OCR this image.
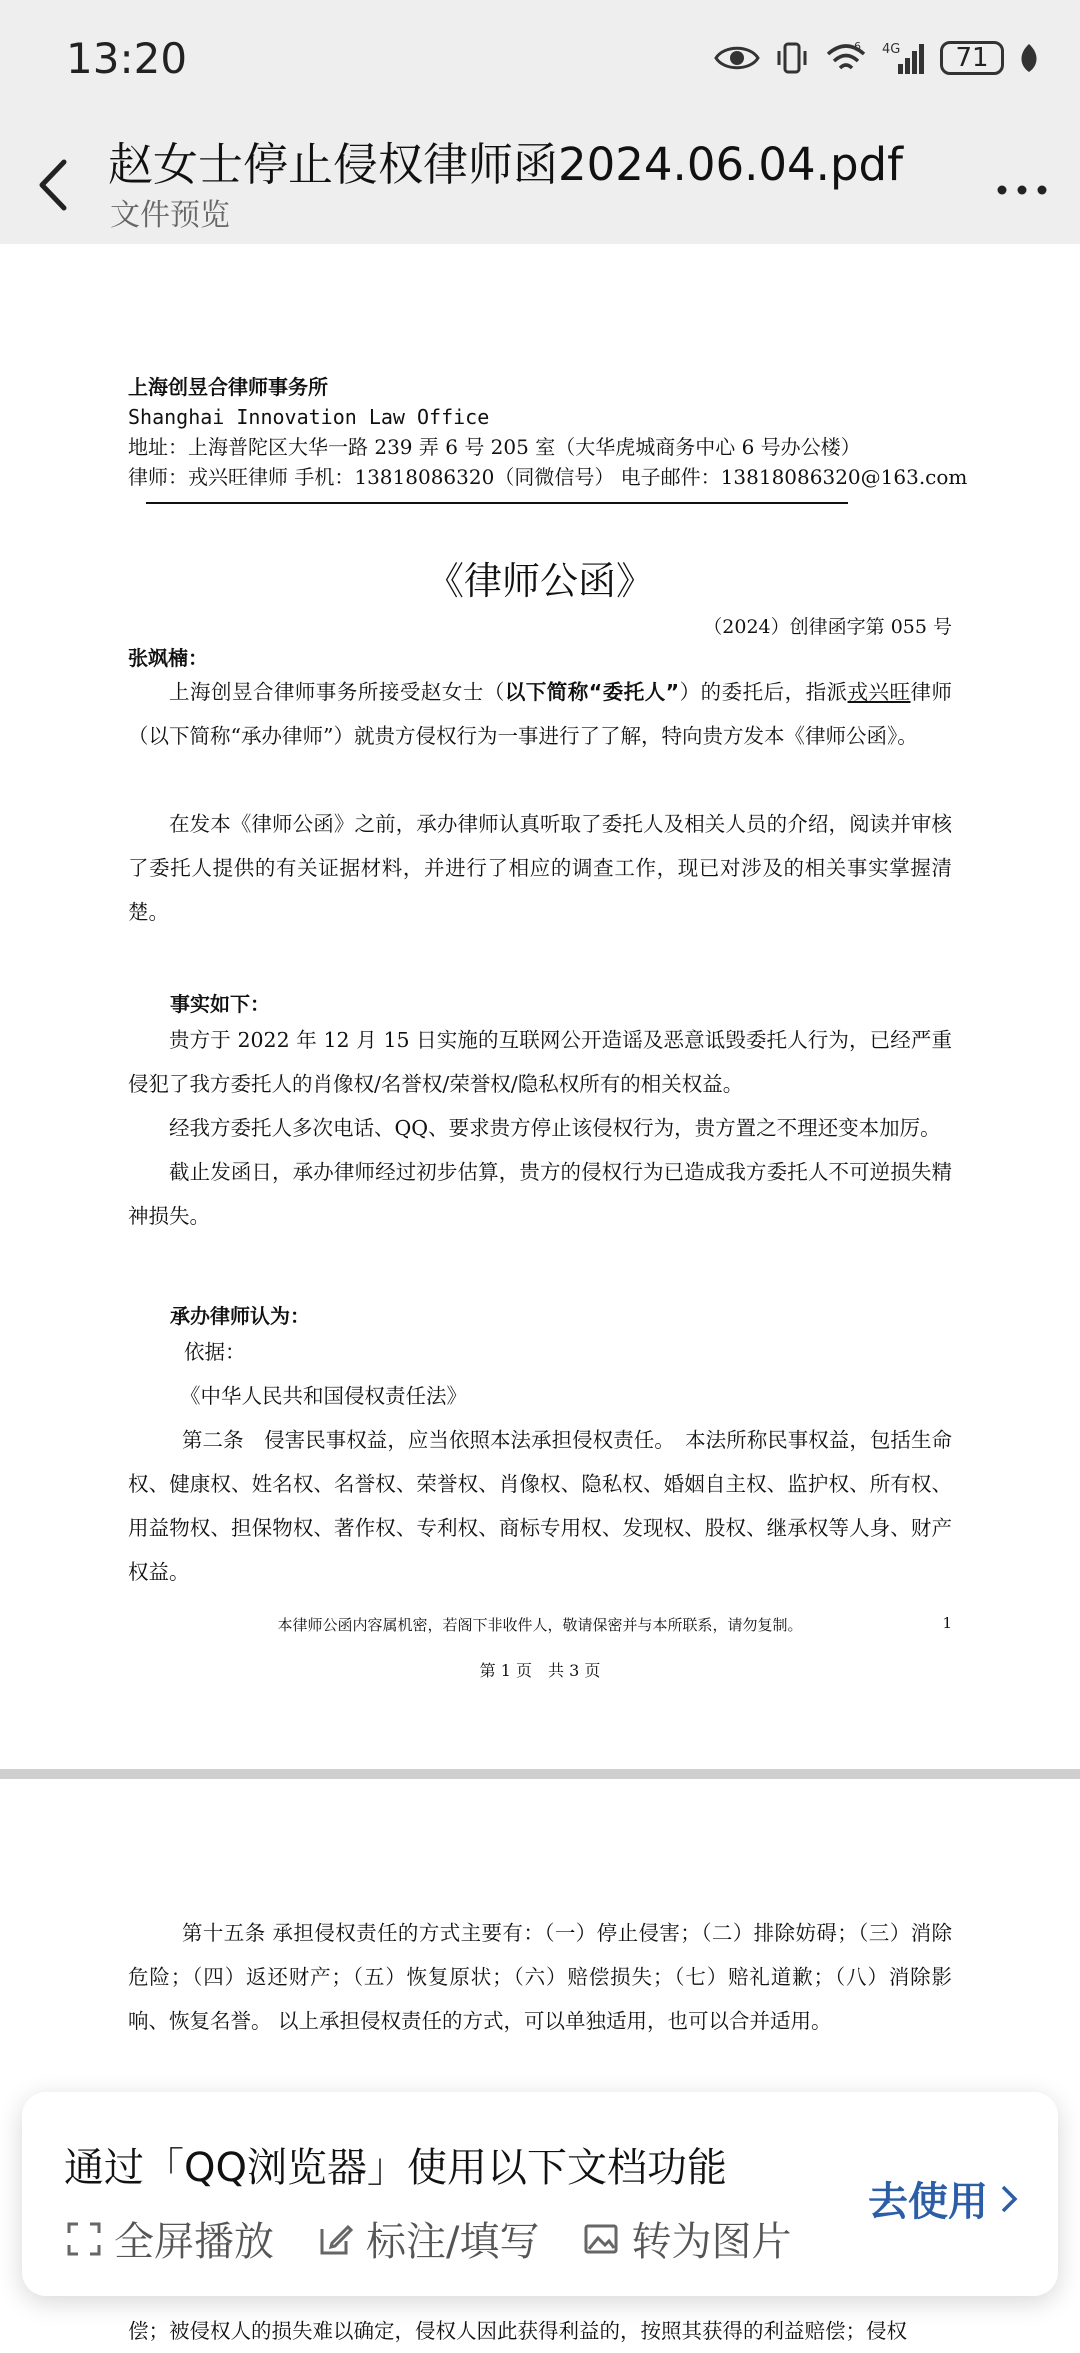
13:20	6 4G	71
赵女士停止侵权律师函2024.06.04.pdf
文件预览
上海创昱合律师事务所
Shanghai Innovation Law Office
地址：上海普陀区大华一路 239 弄 6 号 205 室（大华虎城商务中心 6 号办公楼）
律师：戎兴旺律师 手机：13818086320（同微信号） 电子邮件：13818086320@163.com
《律师公函》
（2024）创律函字第 055 号
张飒楠：
上海创昱合律师事务所接受赵女士（以下简称“委托人”）的委托后，指派戎兴旺律师（以下简称“承办律师”）就贵方侵权行为一事进行了了解，特向贵方发本《律师公函》。
在发本《律师公函》之前，承办律师认真听取了委托人及相关人员的介绍，阅读并审核了委托人提供的有关证据材料，并进行了相应的调查工作，现已对涉及的相关事实掌握清楚。
事实如下：
贵方于 2022 年 12 月 15 日实施的互联网公开造谣及恶意诋毁委托人行为，已经严重侵犯了我方委托人的肖像权/名誉权/荣誉权/隐私权所有的相关权益。
经我方委托人多次电话、QQ、要求贵方停止该侵权行为，贵方置之不理还变本加厉。
截止发函日，承办律师经过初步估算，贵方的侵权行为已造成我方委托人不可逆损失精神损失。
承办律师认为：
依据：
《中华人民共和国侵权责任法》
第二条　侵害民事权益，应当依照本法承担侵权责任。　本法所称民事权益，包括生命权、健康权、姓名权、名誉权、荣誉权、肖像权、隐私权、婚姻自主权、监护权、所有权、用益物权、担保物权、著作权、专利权、商标专用权、发现权、股权、继承权等人身、财产权益。
本律师公函内容属机密，若阁下非收件人，敬请保密并与本所联系，请勿复制。	1
第 1 页　共 3 页
第十五条 承担侵权责任的方式主要有：（一）停止侵害；（二）排除妨碍；（三）消除危险；（四）返还财产；（五）恢复原状；（六）赔偿损失；（七）赔礼道歉；（八）消除影响、恢复名誉。 以上承担侵权责任的方式，可以单独适用，也可以合并适用。
偿；被侵权人的损失难以确定，侵权人因此获得利益的，按照其获得的利益赔偿；侵权
通过「QQ浏览器」使用以下文档功能
全屏播放 标注/填写 转为图片
去使用
